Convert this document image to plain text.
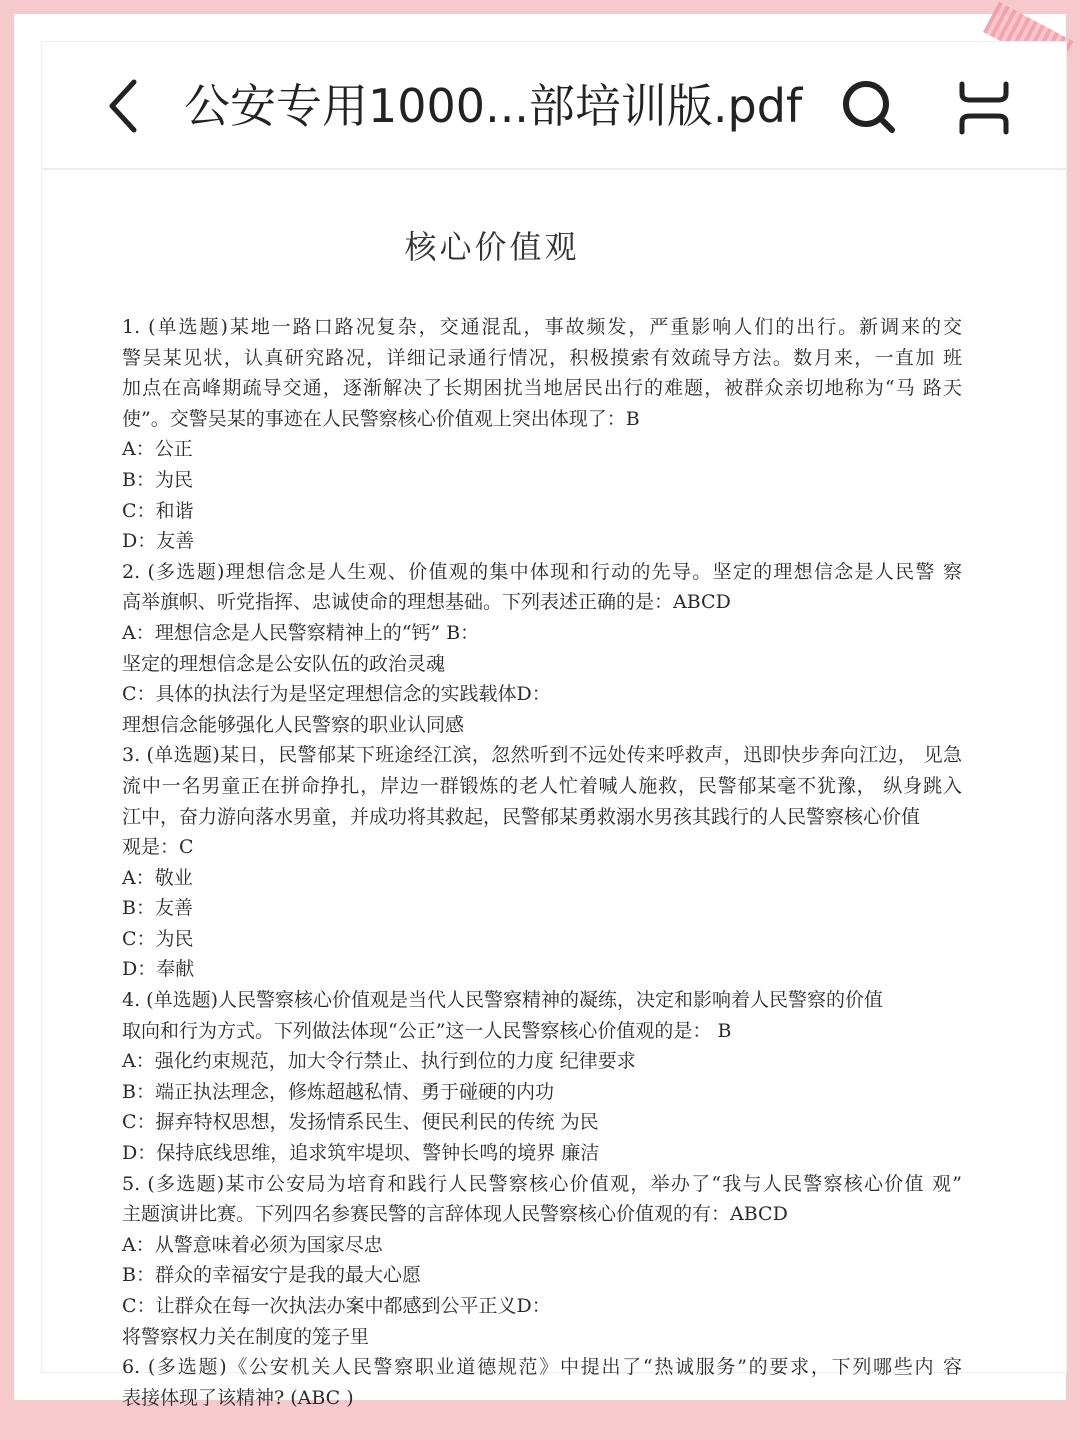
公安专用1000...部培训版.pdf
核心价值观
1. (单选题)某地一路口路况复杂，交通混乱，事故频发，严重影响人们的出行。新调来的交
警吴某见状，认真研究路况，详细记录通行情况，积极摸索有效疏导方法。数月来，一直加 班
加点在高峰期疏导交通，逐渐解决了长期困扰当地居民出行的难题，被群众亲切地称为“马 路天
使”。交警吴某的事迹在人民警察核心价值观上突出体现了：B
A：公正
B：为民
C：和谐
D：友善
2. (多选题)理想信念是人生观、价值观的集中体现和行动的先导。坚定的理想信念是人民警 察
高举旗帜、听党指挥、忠诚使命的理想基础。下列表述正确的是：ABCD
A：理想信念是人民警察精神上的“钙” B：
坚定的理想信念是公安队伍的政治灵魂
C：具体的执法行为是坚定理想信念的实践载体D：
理想信念能够强化人民警察的职业认同感
3. (单选题)某日，民警郁某下班途经江滨，忽然听到不远处传来呼救声，迅即快步奔向江边， 见急
流中一名男童正在拼命挣扎，岸边一群锻炼的老人忙着喊人施救，民警郁某毫不犹豫， 纵身跳入
江中，奋力游向落水男童，并成功将其救起，民警郁某勇救溺水男孩其践行的人民警察核心价值
观是：C
A：敬业
B：友善
C：为民
D：奉献
4. (单选题)人民警察核心价值观是当代人民警察精神的凝练，决定和影响着人民警察的价值
取向和行为方式。下列做法体现“公正”这一人民警察核心价值观的是： B
A：强化约束规范，加大令行禁止、执行到位的力度 纪律要求
B：端正执法理念，修炼超越私情、勇于碰硬的内功
C：摒弃特权思想，发扬情系民生、便民利民的传统 为民
D：保持底线思维，追求筑牢堤坝、警钟长鸣的境界 廉洁
5. (多选题)某市公安局为培育和践行人民警察核心价值观，举办了“我与人民警察核心价值 观”
主题演讲比赛。下列四名参赛民警的言辞体现人民警察核心价值观的有：ABCD
A：从警意味着必须为国家尽忠
B：群众的幸福安宁是我的最大心愿
C：让群众在每一次执法办案中都感到公平正义D：
将警察权力关在制度的笼子里
6. (多选题)《公安机关人民警察职业道德规范》中提出了“热诚服务”的要求，下列哪些内 容
表接体现了该精神? (ABC )
